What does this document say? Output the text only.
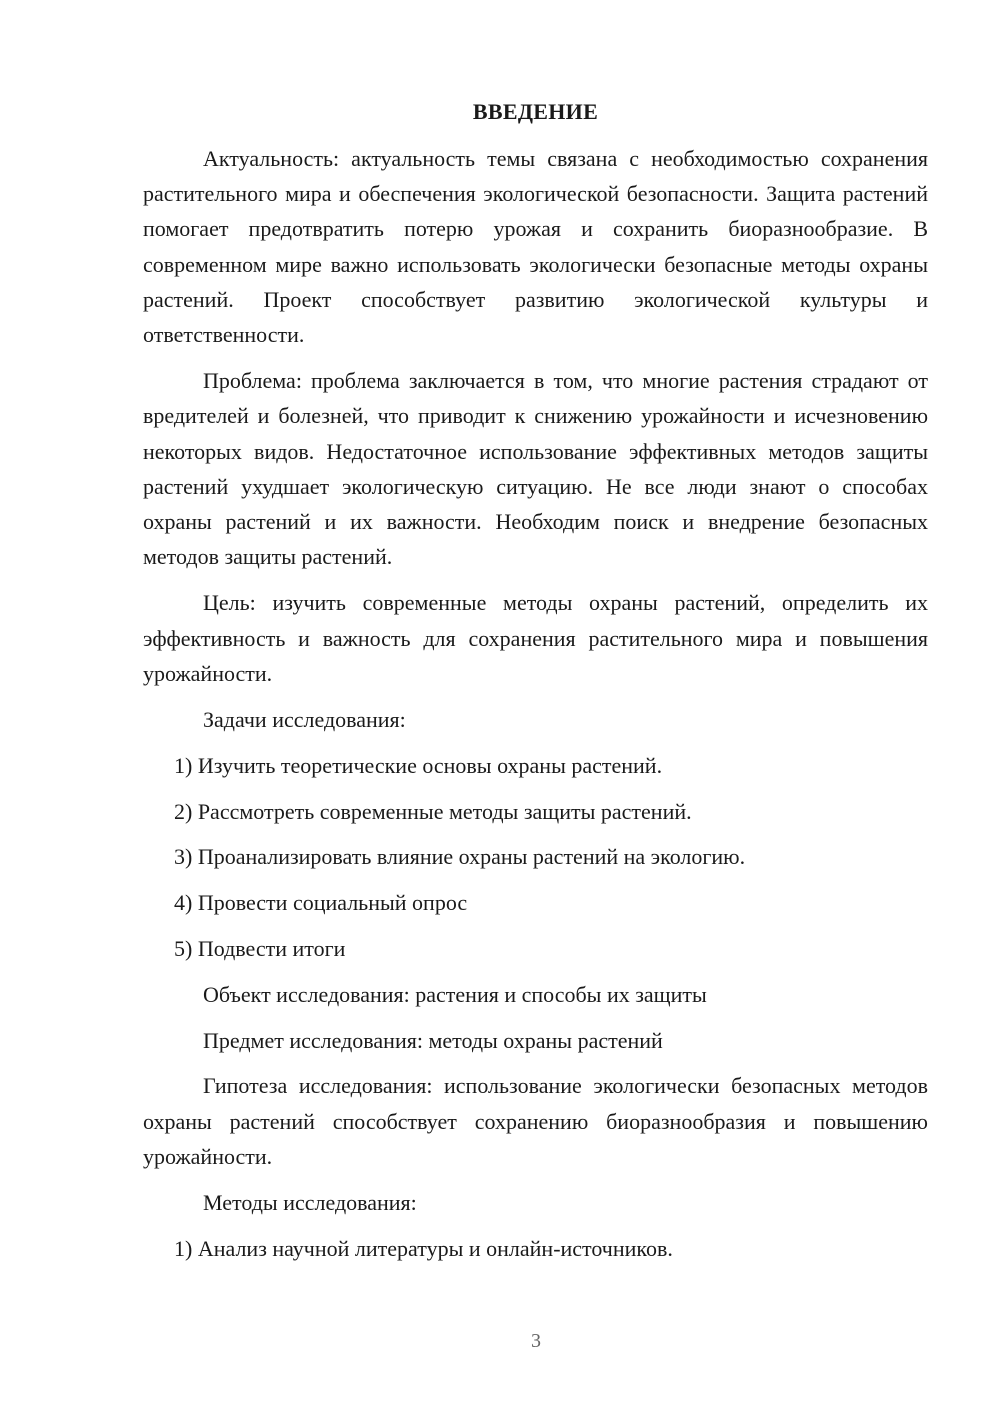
ВВЕДЕНИЕ

Актуальность: актуальность темы связана с необходимостью сохранения растительного мира и обеспечения экологической безопасности. Защита растений помогает предотвратить потерю урожая и сохранить биоразнообразие. В современном мире важно использовать экологически безопасные методы охраны растений. Проект способствует развитию экологической культуры и ответственности.

Проблема: проблема заключается в том, что многие растения страдают от вредителей и болезней, что приводит к снижению урожайности и исчезновению некоторых видов. Недостаточное использование эффективных методов защиты растений ухудшает экологическую ситуацию. Не все люди знают о способах охраны растений и их важности. Необходим поиск и внедрение безопасных методов защиты растений.

Цель: изучить современные методы охраны растений, определить их эффективность и важность для сохранения растительного мира и повышения урожайности.

Задачи исследования:
1) Изучить теоретические основы охраны растений.
2) Рассмотреть современные методы защиты растений.
3) Проанализировать влияние охраны растений на экологию.
4) Провести социальный опрос
5) Подвести итоги
Объект исследования: растения и способы их защиты
Предмет исследования: методы охраны растений

Гипотеза исследования: использование экологически безопасных методов охраны растений способствует сохранению биоразнообразия и повышению урожайности.

Методы исследования:
1) Анализ научной литературы и онлайн-источников.
3
